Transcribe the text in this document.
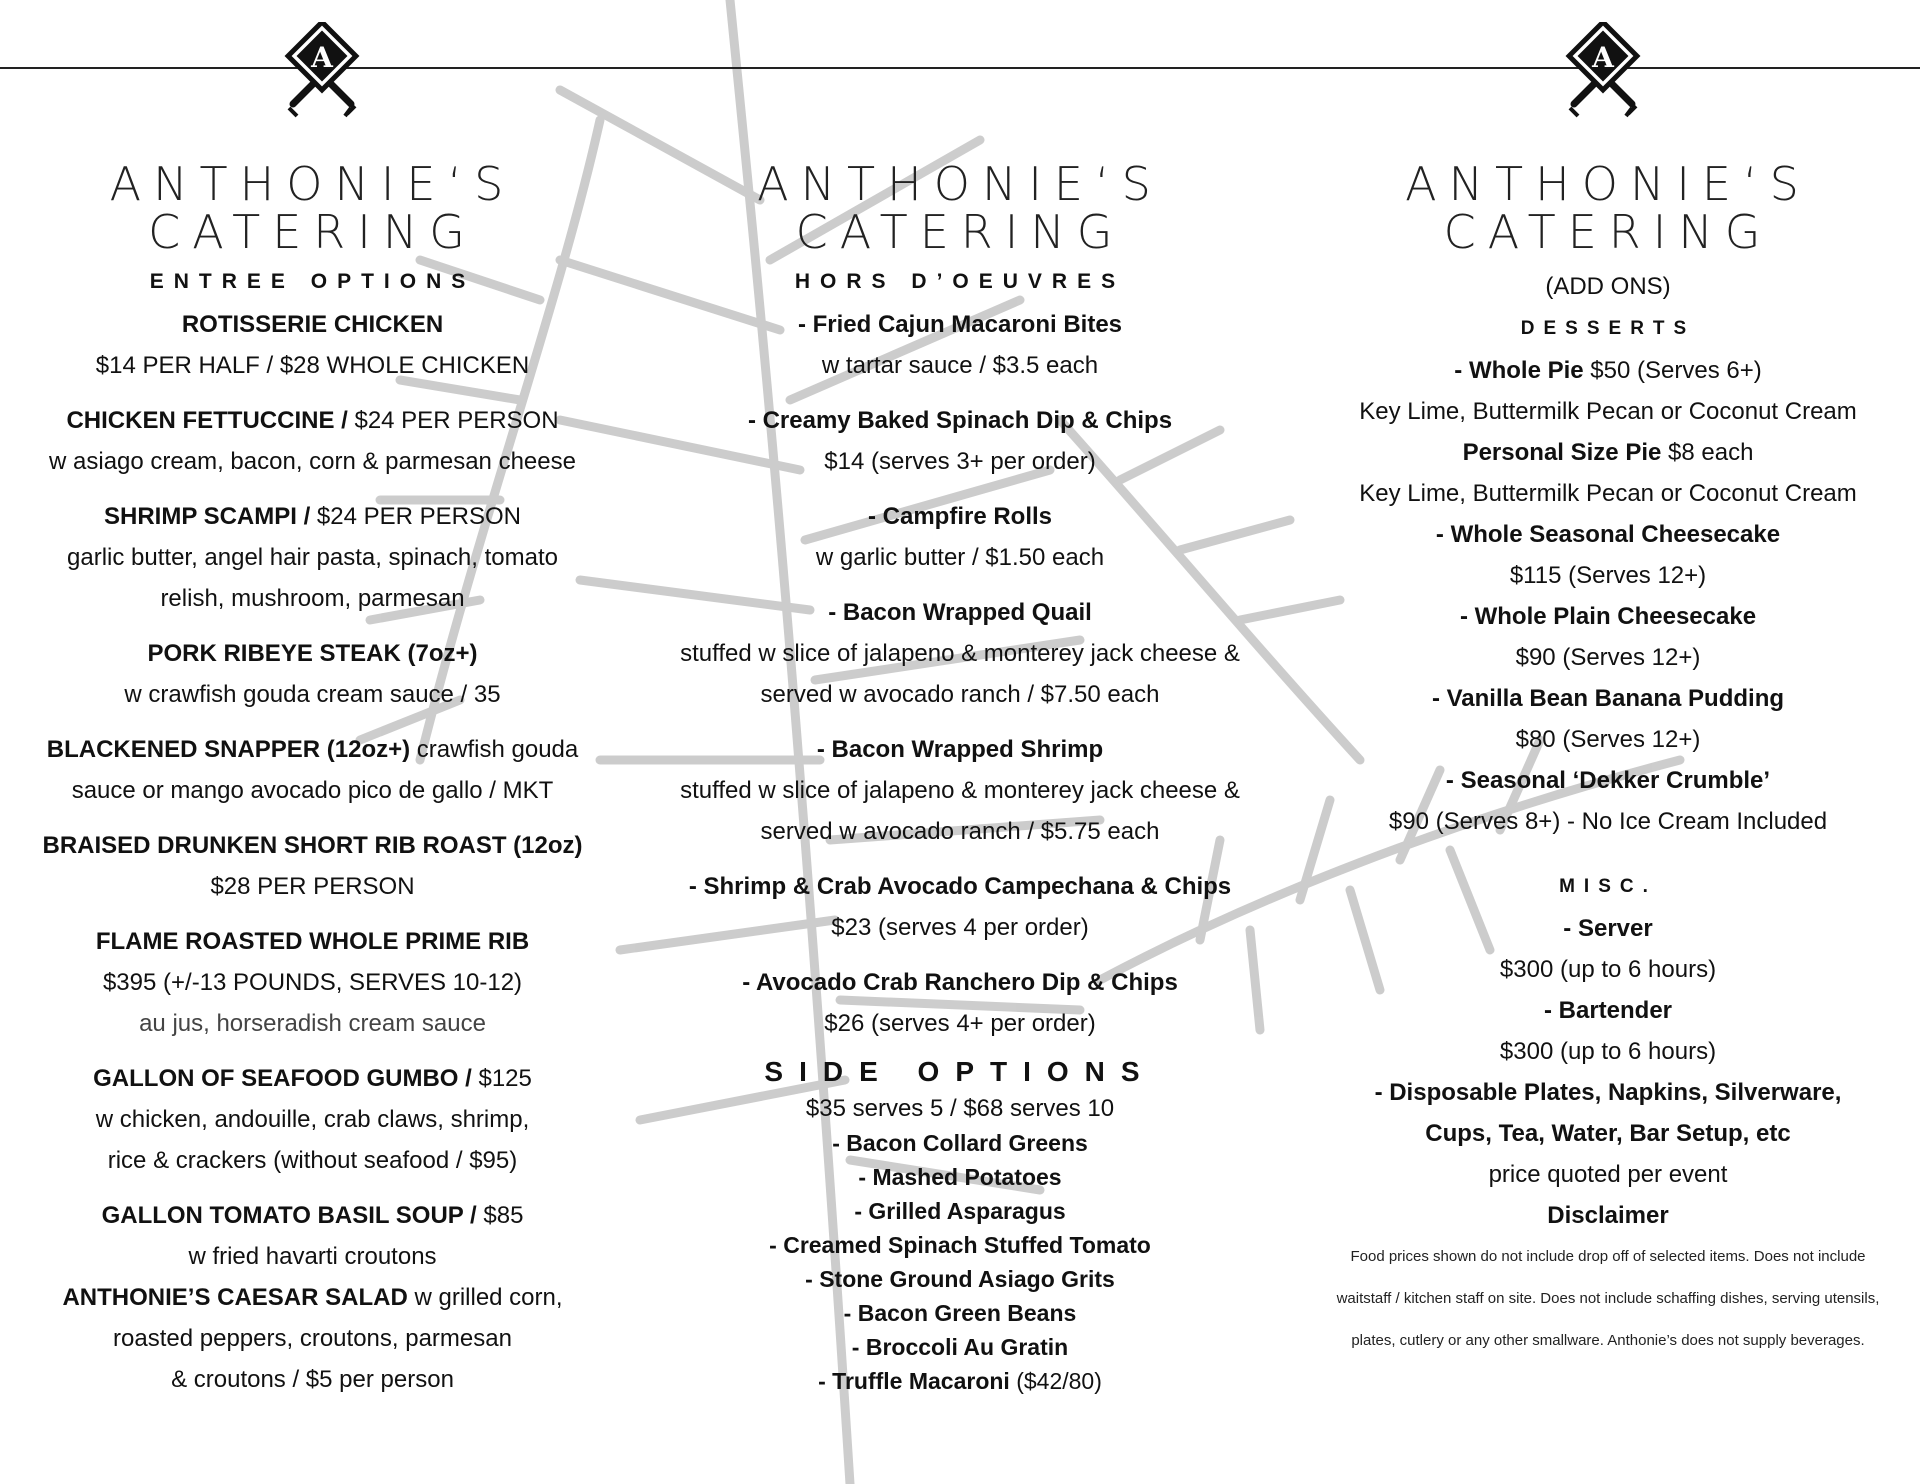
A	A
ANTHONIE‘S
CATERING
ENTREE OPTIONS
ROTISSERIE CHICKEN
$14 PER HALF / $28 WHOLE CHICKEN
CHICKEN FETTUCCINE / $24 PER PERSON
w asiago cream, bacon, corn & parmesan cheese
SHRIMP SCAMPI / $24 PER PERSON
garlic butter, angel hair pasta, spinach, tomato
relish, mushroom, parmesan
PORK RIBEYE STEAK (7oz+)
w crawfish gouda cream sauce / 35
BLACKENED SNAPPER (12oz+) crawfish gouda
sauce or mango avocado pico de gallo / MKT
BRAISED DRUNKEN SHORT RIB ROAST (12oz)
$28 PER PERSON
FLAME ROASTED WHOLE PRIME RIB
$395 (+/-13 POUNDS, SERVES 10-12)
au jus, horseradish cream sauce
GALLON OF SEAFOOD GUMBO / $125
w chicken, andouille, crab claws, shrimp,
rice & crackers (without seafood / $95)
GALLON TOMATO BASIL SOUP / $85
w fried havarti croutons
ANTHONIE’S CAESAR SALAD w grilled corn,
roasted peppers, croutons, parmesan
& croutons / $5 per person
ANTHONIE‘S
CATERING
HORS D’OEUVRES
- Fried Cajun Macaroni Bites
w tartar sauce / $3.5 each
- Creamy Baked Spinach Dip & Chips
$14 (serves 3+ per order)
- Campfire Rolls
w garlic butter / $1.50 each
- Bacon Wrapped Quail
stuffed w slice of jalapeno & monterey jack cheese &
served w avocado ranch / $7.50 each
- Bacon Wrapped Shrimp
stuffed w slice of jalapeno & monterey jack cheese &
served w avocado ranch / $5.75 each
- Shrimp & Crab Avocado Campechana & Chips
$23 (serves 4 per order)
- Avocado Crab Ranchero Dip & Chips
$26 (serves 4+ per order)
SIDE OPTIONS
$35 serves 5 / $68 serves 10
- Bacon Collard Greens
- Mashed Potatoes
- Grilled Asparagus
- Creamed Spinach Stuffed Tomato
- Stone Ground Asiago Grits
- Bacon Green Beans
- Broccoli Au Gratin
- Truffle Macaroni ($42/80)
ANTHONIE‘S
CATERING
(ADD ONS)
DESSERTS
- Whole Pie $50 (Serves 6+)
Key Lime, Buttermilk Pecan or Coconut Cream
Personal Size Pie $8 each
Key Lime, Buttermilk Pecan or Coconut Cream
- Whole Seasonal Cheesecake
$115 (Serves 12+)
- Whole Plain Cheesecake
$90 (Serves 12+)
- Vanilla Bean Banana Pudding
$80 (Serves 12+)
- Seasonal ‘Dekker Crumble’
$90 (Serves 8+) - No Ice Cream Included
MISC.
- Server
$300 (up to 6 hours)
- Bartender
$300 (up to 6 hours)
- Disposable Plates, Napkins, Silverware,
Cups, Tea, Water, Bar Setup, etc
price quoted per event
Disclaimer
Food prices shown do not include drop off of selected items. Does not include waitstaff / kitchen staff on site. Does not include schaffing dishes, serving utensils, plates, cutlery or any other smallware. Anthonie’s does not supply beverages.
